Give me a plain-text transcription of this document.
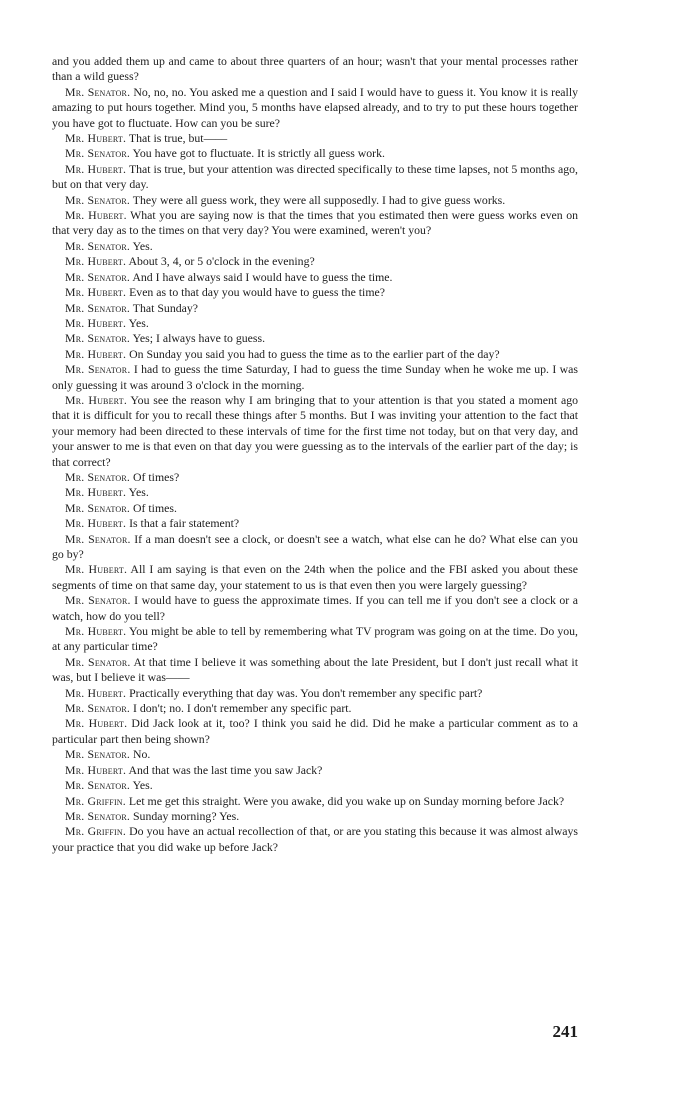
and you added them up and came to about three quarters of an hour; wasn't that your mental processes rather than a wild guess?

Mr. Senator. No, no, no. You asked me a question and I said I would have to guess it. You know it is really amazing to put hours together. Mind you, 5 months have elapsed already, and to try to put these hours together you have got to fluctuate. How can you be sure?

Mr. Hubert. That is true, but——

Mr. Senator. You have got to fluctuate. It is strictly all guess work.

Mr. Hubert. That is true, but your attention was directed specifically to these time lapses, not 5 months ago, but on that very day.

Mr. Senator. They were all guess work, they were all supposedly. I had to give guess works.

Mr. Hubert. What you are saying now is that the times that you estimated then were guess works even on that very day as to the times on that very day? You were examined, weren't you?

Mr. Senator. Yes.

Mr. Hubert. About 3, 4, or 5 o'clock in the evening?

Mr. Senator. And I have always said I would have to guess the time.

Mr. Hubert. Even as to that day you would have to guess the time?

Mr. Senator. That Sunday?

Mr. Hubert. Yes.

Mr. Senator. Yes; I always have to guess.

Mr. Hubert. On Sunday you said you had to guess the time as to the earlier part of the day?

Mr. Senator. I had to guess the time Saturday, I had to guess the time Sunday when he woke me up. I was only guessing it was around 3 o'clock in the morning.

Mr. Hubert. You see the reason why I am bringing that to your attention is that you stated a moment ago that it is difficult for you to recall these things after 5 months. But I was inviting your attention to the fact that your memory had been directed to these intervals of time for the first time not today, but on that very day, and your answer to me is that even on that day you were guessing as to the intervals of the earlier part of the day; is that correct?

Mr. Senator. Of times?

Mr. Hubert. Yes.

Mr. Senator. Of times.

Mr. Hubert. Is that a fair statement?

Mr. Senator. If a man doesn't see a clock, or doesn't see a watch, what else can he do? What else can you go by?

Mr. Hubert. All I am saying is that even on the 24th when the police and the FBI asked you about these segments of time on that same day, your statement to us is that even then you were largely guessing?

Mr. Senator. I would have to guess the approximate times. If you can tell me if you don't see a clock or a watch, how do you tell?

Mr. Hubert. You might be able to tell by remembering what TV program was going on at the time. Do you, at any particular time?

Mr. Senator. At that time I believe it was something about the late President, but I don't just recall what it was, but I believe it was——

Mr. Hubert. Practically everything that day was. You don't remember any specific part?

Mr. Senator. I don't; no. I don't remember any specific part.

Mr. Hubert. Did Jack look at it, too? I think you said he did. Did he make a particular comment as to a particular part then being shown?

Mr. Senator. No.

Mr. Hubert. And that was the last time you saw Jack?

Mr. Senator. Yes.

Mr. Griffin. Let me get this straight. Were you awake, did you wake up on Sunday morning before Jack?

Mr. Senator. Sunday morning? Yes.

Mr. Griffin. Do you have an actual recollection of that, or are you stating this because it was almost always your practice that you did wake up before Jack?

241
